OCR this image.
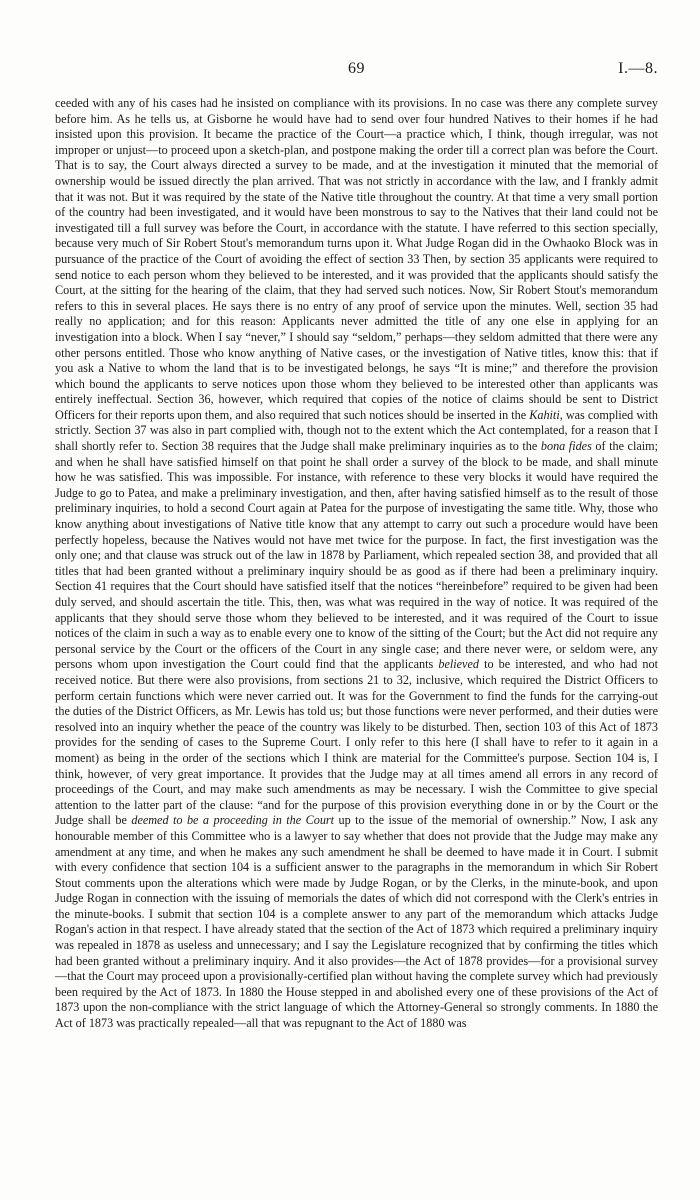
69	I.—8.

ceeded with any of his cases had he insisted on compliance with its provisions. In no case was there any complete survey before him. As he tells us, at Gisborne he would have had to send over four hundred Natives to their homes if he had insisted upon this provision. It became the practice of the Court—a practice which, I think, though irregular, was not improper or unjust—to proceed upon a sketch-plan, and postpone making the order till a correct plan was before the Court. That is to say, the Court always directed a survey to be made, and at the investigation it minuted that the memorial of ownership would be issued directly the plan arrived. That was not strictly in accordance with the law, and I frankly admit that it was not. But it was required by the state of the Native title throughout the country. At that time a very small portion of the country had been investigated, and it would have been monstrous to say to the Natives that their land could not be investigated till a full survey was before the Court, in accordance with the statute. I have referred to this section specially, because very much of Sir Robert Stout's memorandum turns upon it. What Judge Rogan did in the Owhaoko Block was in pursuance of the practice of the Court of avoiding the effect of section 33 Then, by section 35 applicants were required to send notice to each person whom they believed to be interested, and it was provided that the applicants should satisfy the Court, at the sitting for the hearing of the claim, that they had served such notices. Now, Sir Robert Stout's memorandum refers to this in several places. He says there is no entry of any proof of service upon the minutes. Well, section 35 had really no application; and for this reason: Applicants never admitted the title of any one else in applying for an investigation into a block. When I say “never,” I should say “seldom,” perhaps—they seldom admitted that there were any other persons entitled. Those who know anything of Native cases, or the investigation of Native titles, know this: that if you ask a Native to whom the land that is to be investigated belongs, he says “It is mine;” and therefore the provision which bound the applicants to serve notices upon those whom they believed to be interested other than applicants was entirely ineffectual. Section 36, however, which required that copies of the notice of claims should be sent to District Officers for their reports upon them, and also required that such notices should be inserted in the Kahiti, was complied with strictly. Section 37 was also in part complied with, though not to the extent which the Act contemplated, for a reason that I shall shortly refer to. Section 38 requires that the Judge shall make preliminary inquiries as to the bona fides of the claim; and when he shall have satisfied himself on that point he shall order a survey of the block to be made, and shall minute how he was satisfied. This was impossible. For instance, with reference to these very blocks it would have required the Judge to go to Patea, and make a preliminary investigation, and then, after having satisfied himself as to the result of those preliminary inquiries, to hold a second Court again at Patea for the purpose of investigating the same title. Why, those who know anything about investigations of Native title know that any attempt to carry out such a procedure would have been perfectly hopeless, because the Natives would not have met twice for the purpose. In fact, the first investigation was the only one; and that clause was struck out of the law in 1878 by Parliament, which repealed section 38, and provided that all titles that had been granted without a preliminary inquiry should be as good as if there had been a preliminary inquiry. Section 41 requires that the Court should have satisfied itself that the notices “hereinbefore” required to be given had been duly served, and should ascertain the title. This, then, was what was required in the way of notice. It was required of the applicants that they should serve those whom they believed to be interested, and it was required of the Court to issue notices of the claim in such a way as to enable every one to know of the sitting of the Court; but the Act did not require any personal service by the Court or the officers of the Court in any single case; and there never were, or seldom were, any persons whom upon investigation the Court could find that the applicants believed to be interested, and who had not received notice. But there were also provisions, from sections 21 to 32, inclusive, which required the District Officers to perform certain functions which were never carried out. It was for the Government to find the funds for the carrying-out the duties of the District Officers, as Mr. Lewis has told us; but those functions were never performed, and their duties were resolved into an inquiry whether the peace of the country was likely to be disturbed. Then, section 103 of this Act of 1873 provides for the sending of cases to the Supreme Court. I only refer to this here (I shall have to refer to it again in a moment) as being in the order of the sections which I think are material for the Committee's purpose. Section 104 is, I think, however, of very great importance. It provides that the Judge may at all times amend all errors in any record of proceedings of the Court, and may make such amendments as may be necessary. I wish the Committee to give special attention to the latter part of the clause: “and for the purpose of this provision everything done in or by the Court or the Judge shall be deemed to be a proceeding in the Court up to the issue of the memorial of ownership.” Now, I ask any honourable member of this Committee who is a lawyer to say whether that does not provide that the Judge may make any amendment at any time, and when he makes any such amendment he shall be deemed to have made it in Court. I submit with every confidence that section 104 is a sufficient answer to the paragraphs in the memorandum in which Sir Robert Stout comments upon the alterations which were made by Judge Rogan, or by the Clerks, in the minute-book, and upon Judge Rogan in connection with the issuing of memorials the dates of which did not correspond with the Clerk's entries in the minute-books. I submit that section 104 is a complete answer to any part of the memorandum which attacks Judge Rogan's action in that respect. I have already stated that the section of the Act of 1873 which required a preliminary inquiry was repealed in 1878 as useless and unnecessary; and I say the Legislature recognized that by confirming the titles which had been granted without a preliminary inquiry. And it also provides—the Act of 1878 provides—for a provisional survey—that the Court may proceed upon a provisionally-certified plan without having the complete survey which had previously been required by the Act of 1873. In 1880 the House stepped in and abolished every one of these provisions of the Act of 1873 upon the non-compliance with the strict language of which the Attorney-General so strongly comments. In 1880 the Act of 1873 was practically repealed—all that was repugnant to the Act of 1880 was
